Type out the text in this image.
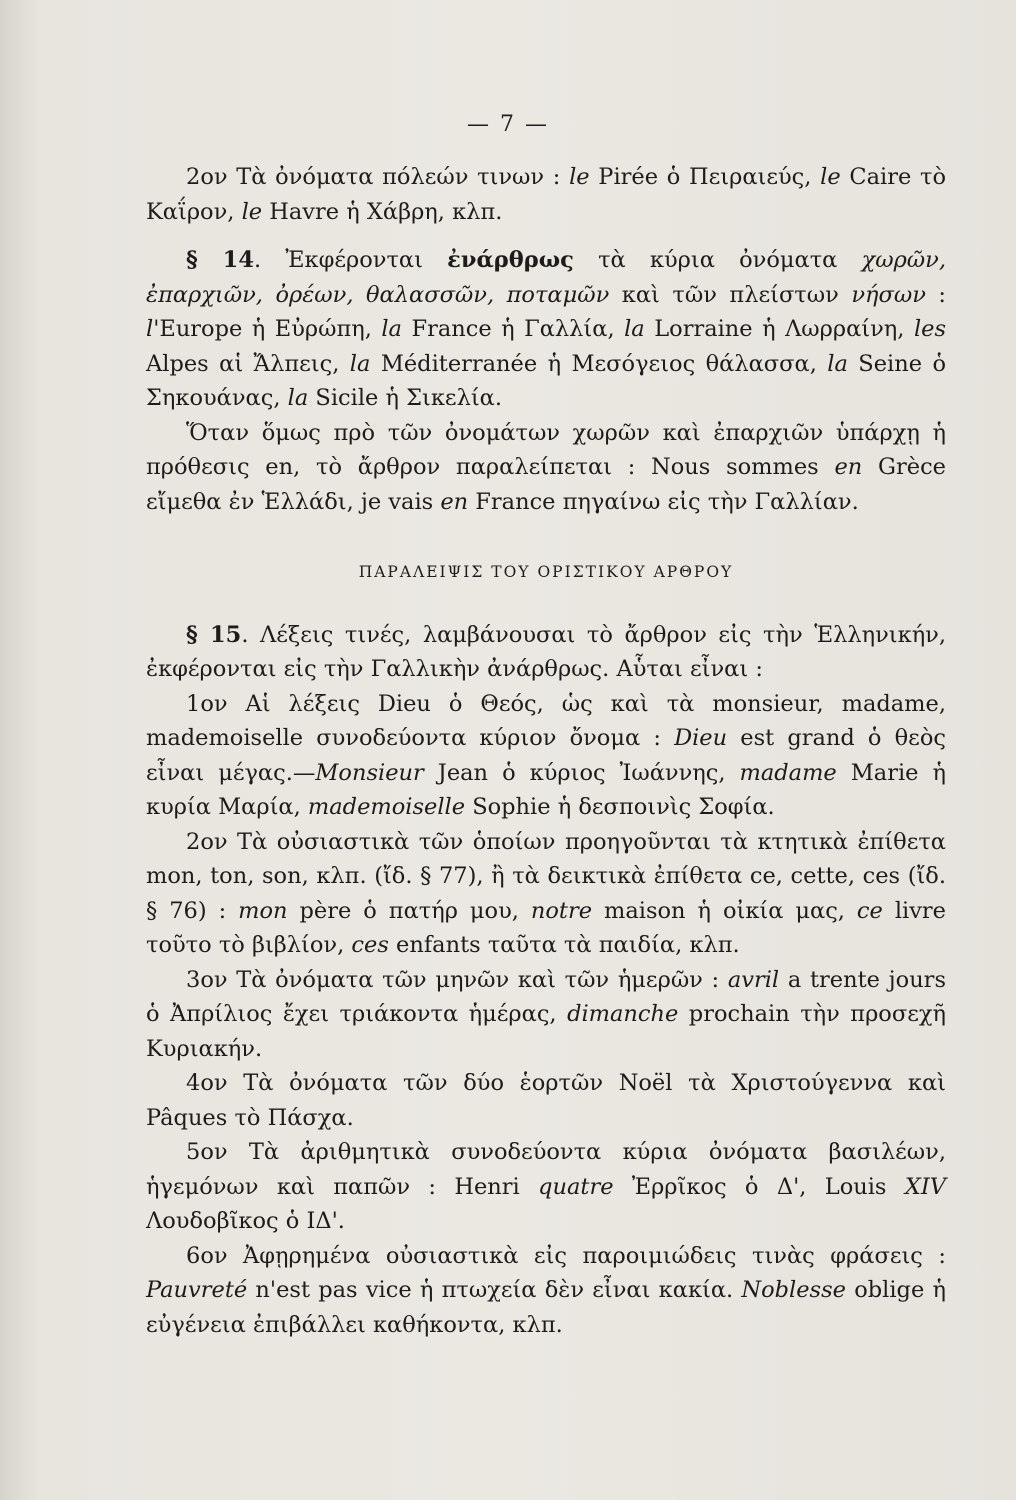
— 7 —

2ον Τὰ ὀνόματα πόλεών τινων : le Pirée ὁ Πειραιεύς, le Caire τὸ Καΐρον, le Havre ἡ Χάβρη, κλπ.

§ 14. Ἐκφέρονται ἐνάρθρως τὰ κύρια ὀνόματα χωρῶν, ἐπαρχιῶν, ὀρέων, θαλασσῶν, ποταμῶν καὶ τῶν πλείστων νήσων : l'Europe ἡ Εὐρώπη, la France ἡ Γαλλία, la Lorraine ἡ Λωρραίνη, les Alpes αἱ Ἄλπεις, la Méditerranée ἡ Μεσόγειος θάλασσα, la Seine ὁ Σηκουάνας, la Sicile ἡ Σικελία.

Ὅταν ὅμως πρὸ τῶν ὀνομάτων χωρῶν καὶ ἐπαρχιῶν ὑπάρχῃ ἡ πρόθεσις en, τὸ ἄρθρον παραλείπεται : Nous sommes en Grèce εἴμεθα ἐν Ἑλλάδι, je vais en France πηγαίνω εἰς τὴν Γαλλίαν.

ΠΑΡΑΛΕΙΨΙΣ ΤΟΥ ΟΡΙΣΤΙΚΟΥ ΑΡΘΡΟΥ

§ 15. Λέξεις τινές, λαμβάνουσαι τὸ ἄρθρον εἰς τὴν Ἑλληνικήν, ἐκφέρονται εἰς τὴν Γαλλικὴν ἀνάρθρως. Αὗται εἶναι :

1ον Αἱ λέξεις Dieu ὁ Θεός, ὡς καὶ τὰ monsieur, madame, mademoiselle συνοδεύοντα κύριον ὄνομα : Dieu est grand ὁ θεὸς εἶναι μέγας.—Monsieur Jean ὁ κύριος Ἰωάννης, madame Marie ἡ κυρία Μαρία, mademoiselle Sophie ἡ δεσποινὶς Σοφία.

2ον Τὰ οὐσιαστικὰ τῶν ὁποίων προηγοῦνται τὰ κτητικὰ ἐπίθετα mon, ton, son, κλπ. (ἴδ. § 77), ἢ τὰ δεικτικὰ ἐπίθετα ce, cette, ces (ἴδ. § 76) : mon père ὁ πατήρ μου, notre maison ἡ οἰκία μας, ce livre τοῦτο τὸ βιβλίον, ces enfants ταῦτα τὰ παιδία, κλπ.

3ον Τὰ ὀνόματα τῶν μηνῶν καὶ τῶν ἡμερῶν : avril a trente jours ὁ Ἀπρίλιος ἔχει τριάκοντα ἡμέρας, dimanche prochain τὴν προσεχῆ Κυριακήν.

4ον Τὰ ὀνόματα τῶν δύο ἑορτῶν Noël τὰ Χριστούγεννα καὶ Pâques τὸ Πάσχα.

5ον Τὰ ἀριθμητικὰ συνοδεύοντα κύρια ὀνόματα βασιλέων, ἡγεμόνων καὶ παπῶν : Henri quatre Ἐρρῖκος ὁ Δ', Louis XIV Λουδοβῖκος ὁ ΙΔ'.

6ον Ἀφῃρημένα οὐσιαστικὰ εἰς παροιμιώδεις τινὰς φράσεις : Pauvreté n'est pas vice ἡ πτωχεία δὲν εἶναι κακία. Noblesse oblige ἡ εὐγένεια ἐπιβάλλει καθήκοντα, κλπ.
